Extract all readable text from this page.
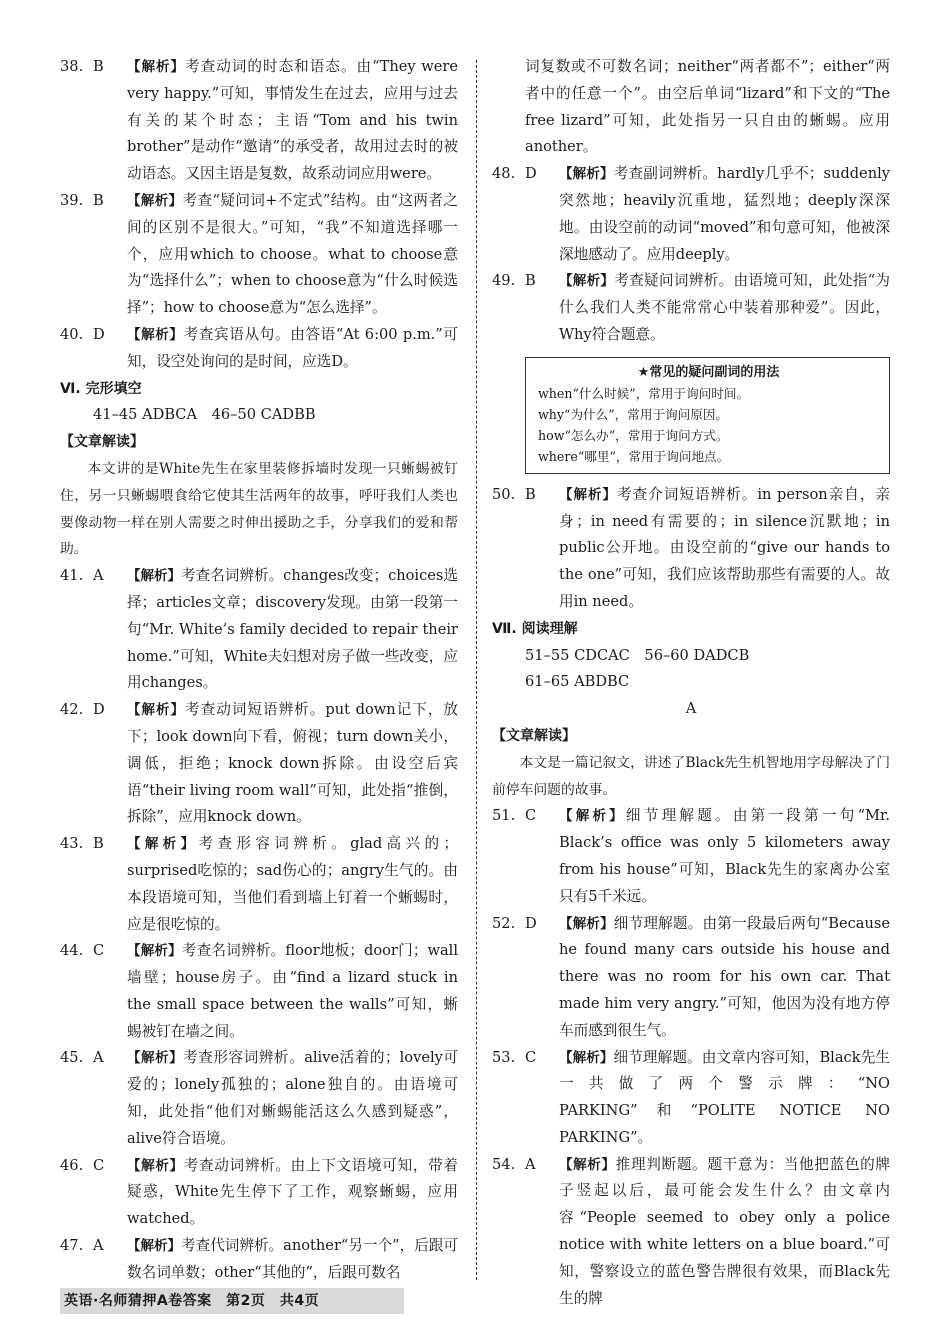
38. B	【解析】考查动词的时态和语态。由“They were very happy.”可知，事情发生在过去，应用与过去有关的某个时态；主语“Tom and his twin brother”是动作“邀请”的承受者，故用过去时的被动语态。又因主语是复数，故系动词应用were。
39. B	【解析】考查“疑问词+不定式”结构。由“这两者之间的区别不是很大。”可知，“我”不知道选择哪一个，应用which to choose。what to choose意为“选择什么”；when to choose意为“什么时候选择”；how to choose意为“怎么选择”。
40. D	【解析】考查宾语从句。由答语“At 6:00 p.m.”可知，设空处询问的是时间，应选D。
Ⅵ. 完形填空
41–45 ADBCA　46–50 CADBB
【文章解读】
本文讲的是White先生在家里装修拆墙时发现一只蜥蜴被钉住，另一只蜥蜴喂食给它使其生活两年的故事，呼吁我们人类也要像动物一样在别人需要之时伸出援助之手，分享我们的爱和帮助。
41. A	【解析】考查名词辨析。changes改变；choices选择；articles文章；discovery发现。由第一段第一句“Mr. White’s family decided to repair their home.”可知，White夫妇想对房子做一些改变，应用changes。
42. D	【解析】考查动词短语辨析。put down记下，放下；look down向下看，俯视；turn down关小，调低，拒绝；knock down拆除。由设空后宾语“their living room wall”可知，此处指“推倒，拆除”，应用knock down。
43. B	【解析】考查形容词辨析。glad高兴的；surprised吃惊的；sad伤心的；angry生气的。由本段语境可知，当他们看到墙上钉着一个蜥蜴时，应是很吃惊的。
44. C	【解析】考查名词辨析。floor地板；door门；wall墙壁；house房子。由“find a lizard stuck in the small space between the walls”可知，蜥蜴被钉在墙之间。
45. A	【解析】考查形容词辨析。alive活着的；lovely可爱的；lonely孤独的；alone独自的。由语境可知，此处指“他们对蜥蜴能活这么久感到疑惑”，alive符合语境。
46. C	【解析】考查动词辨析。由上下文语境可知，带着疑惑，White先生停下了工作，观察蜥蜴，应用watched。
47. A	【解析】考查代词辨析。another“另一个”，后跟可数名词单数；other“其他的”，后跟可数名
词复数或不可数名词；neither“两者都不”；either“两者中的任意一个”。由空后单词“lizard”和下文的“The free lizard”可知，此处指另一只自由的蜥蜴。应用another。
48. D	【解析】考查副词辨析。hardly几乎不；suddenly突然地；heavily沉重地，猛烈地；deeply深深地。由设空前的动词“moved”和句意可知，他被深深地感动了。应用deeply。
49. B	【解析】考查疑问词辨析。由语境可知，此处指“为什么我们人类不能常常心中装着那种爱”。因此，Why符合题意。
★常见的疑问副词的用法
when“什么时候”，常用于询问时间。
why“为什么”，常用于询问原因。
how“怎么办”，常用于询问方式。
where“哪里”，常用于询问地点。
50. B	【解析】考查介词短语辨析。in person亲自，亲身；in need有需要的；in silence沉默地；in public公开地。由设空前的“give our hands to the one”可知，我们应该帮助那些有需要的人。故用in need。
Ⅶ. 阅读理解
51–55 CDCAC　56–60 DADCB
61–65 ABDBC
A
【文章解读】
本文是一篇记叙文，讲述了Black先生机智地用字母解决了门前停车问题的故事。
51. C	【解析】细节理解题。由第一段第一句“Mr. Black’s office was only 5 kilometers away from his house”可知，Black先生的家离办公室只有5千米远。
52. D	【解析】细节理解题。由第一段最后两句“Because he found many cars outside his house and there was no room for his own car. That made him very angry.”可知，他因为没有地方停车而感到很生气。
53. C	【解析】细节理解题。由文章内容可知，Black先生一共做了两个警示牌：“NO PARKING”和“POLITE NOTICE NO PARKING”。
54. A	【解析】推理判断题。题干意为：当他把蓝色的牌子竖起以后，最可能会发生什么？由文章内容“People seemed to obey only a police notice with white letters on a blue board.”可知，警察设立的蓝色警告牌很有效果，而Black先生的牌
英语·名师猜押A卷答案　第2页　共4页
